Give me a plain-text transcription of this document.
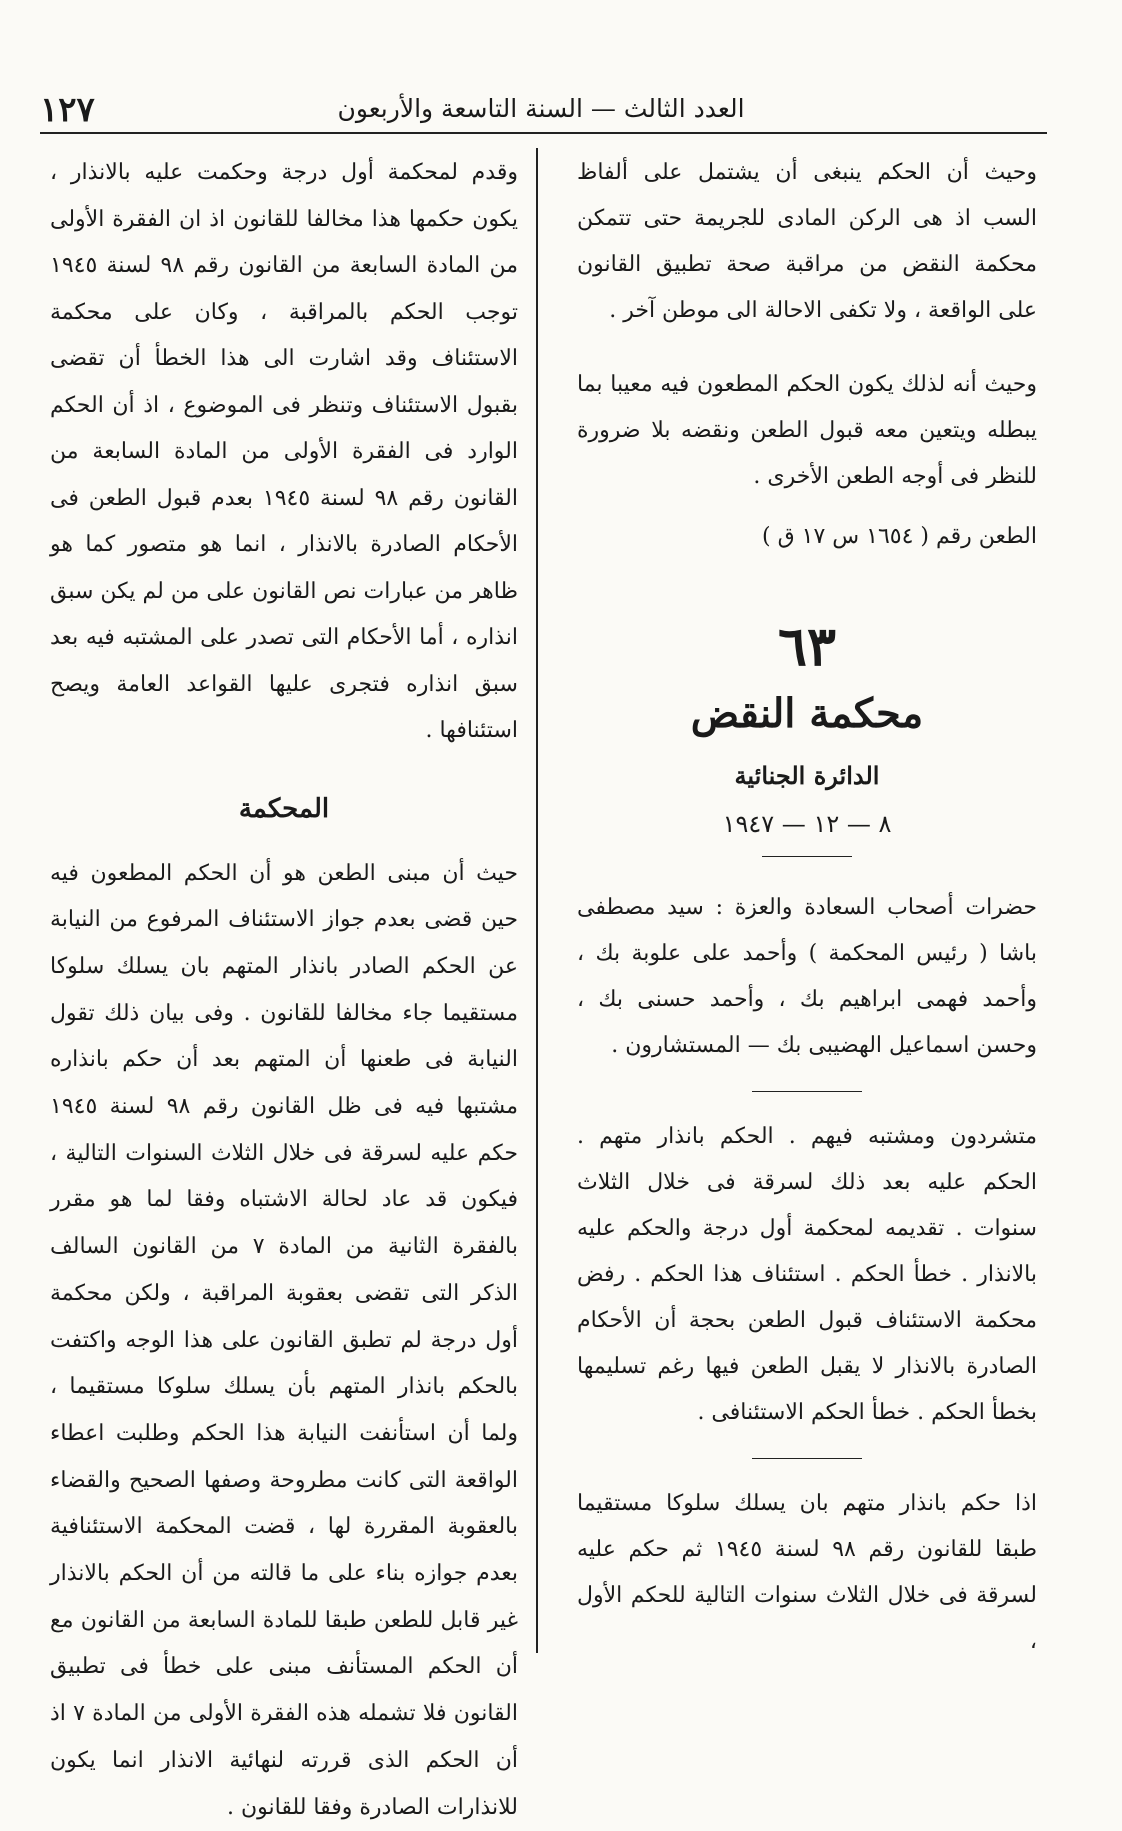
١٢٧	العدد الثالث — السنة التاسعة والأربعون

وحيث أن الحكم ينبغى أن يشتمل على ألفاظ السب اذ هى الركن المادى للجريمة حتى تتمكن محكمة النقض من مراقبة صحة تطبيق القانون على الواقعة ، ولا تكفى الاحالة الى موطن آخر .

وحيث أنه لذلك يكون الحكم المطعون فيه معيبا بما يبطله ويتعين معه قبول الطعن ونقضه بلا ضرورة للنظر فى أوجه الطعن الأخرى .

الطعن رقم ( ١٦٥٤ س ١٧ ق )

٦٣
محكمة النقض
الدائرة الجنائية
٨ — ١٢ — ١٩٤٧

حضرات أصحاب السعادة والعزة : سيد مصطفى باشا ( رئيس المحكمة ) وأحمد على علوبة بك ، وأحمد فهمى ابراهيم بك ، وأحمد حسنى بك ، وحسن اسماعيل الهضيبى بك — المستشارون .

متشردون ومشتبه فيهم . الحكم بانذار متهم . الحكم عليه بعد ذلك لسرقة فى خلال الثلاث سنوات . تقديمه لمحكمة أول درجة والحكم عليه بالانذار . خطأ الحكم . استئناف هذا الحكم . رفض محكمة الاستئناف قبول الطعن بحجة أن الأحكام الصادرة بالانذار لا يقبل الطعن فيها رغم تسليمها بخطأ الحكم . خطأ الحكم الاستئنافى .

اذا حكم بانذار متهم بان يسلك سلوكا مستقيما طبقا للقانون رقم ٩٨ لسنة ١٩٤٥ ثم حكم عليه لسرقة فى خلال الثلاث سنوات التالية للحكم الأول ،

وقدم لمحكمة أول درجة وحكمت عليه بالانذار ، يكون حكمها هذا مخالفا للقانون اذ ان الفقرة الأولى من المادة السابعة من القانون رقم ٩٨ لسنة ١٩٤٥ توجب الحكم بالمراقبة ، وكان على محكمة الاستئناف وقد اشارت الى هذا الخطأ أن تقضى بقبول الاستئناف وتنظر فى الموضوع ، اذ أن الحكم الوارد فى الفقرة الأولى من المادة السابعة من القانون رقم ٩٨ لسنة ١٩٤٥ بعدم قبول الطعن فى الأحكام الصادرة بالانذار ، انما هو متصور كما هو ظاهر من عبارات نص القانون على من لم يكن سبق انذاره ، أما الأحكام التى تصدر على المشتبه فيه بعد سبق انذاره فتجرى عليها القواعد العامة ويصح استئنافها .

المحكمة

حيث أن مبنى الطعن هو أن الحكم المطعون فيه حين قضى بعدم جواز الاستئناف المرفوع من النيابة عن الحكم الصادر بانذار المتهم بان يسلك سلوكا مستقيما جاء مخالفا للقانون . وفى بيان ذلك تقول النيابة فى طعنها أن المتهم بعد أن حكم بانذاره مشتبها فيه فى ظل القانون رقم ٩٨ لسنة ١٩٤٥ حكم عليه لسرقة فى خلال الثلاث السنوات التالية ، فيكون قد عاد لحالة الاشتباه وفقا لما هو مقرر بالفقرة الثانية من المادة ٧ من القانون السالف الذكر التى تقضى بعقوبة المراقبة ، ولكن محكمة أول درجة لم تطبق القانون على هذا الوجه واكتفت بالحكم بانذار المتهم بأن يسلك سلوكا مستقيما ، ولما أن استأنفت النيابة هذا الحكم وطلبت اعطاء الواقعة التى كانت مطروحة وصفها الصحيح والقضاء بالعقوبة المقررة لها ، قضت المحكمة الاستئنافية بعدم جوازه بناء على ما قالته من أن الحكم بالانذار غير قابل للطعن طبقا للمادة السابعة من القانون مع أن الحكم المستأنف مبنى على خطأ فى تطبيق القانون فلا تشمله هذه الفقرة الأولى من المادة ٧ اذ أن الحكم الذى قررته لنهائية الانذار انما يكون للانذارات الصادرة وفقا للقانون .
